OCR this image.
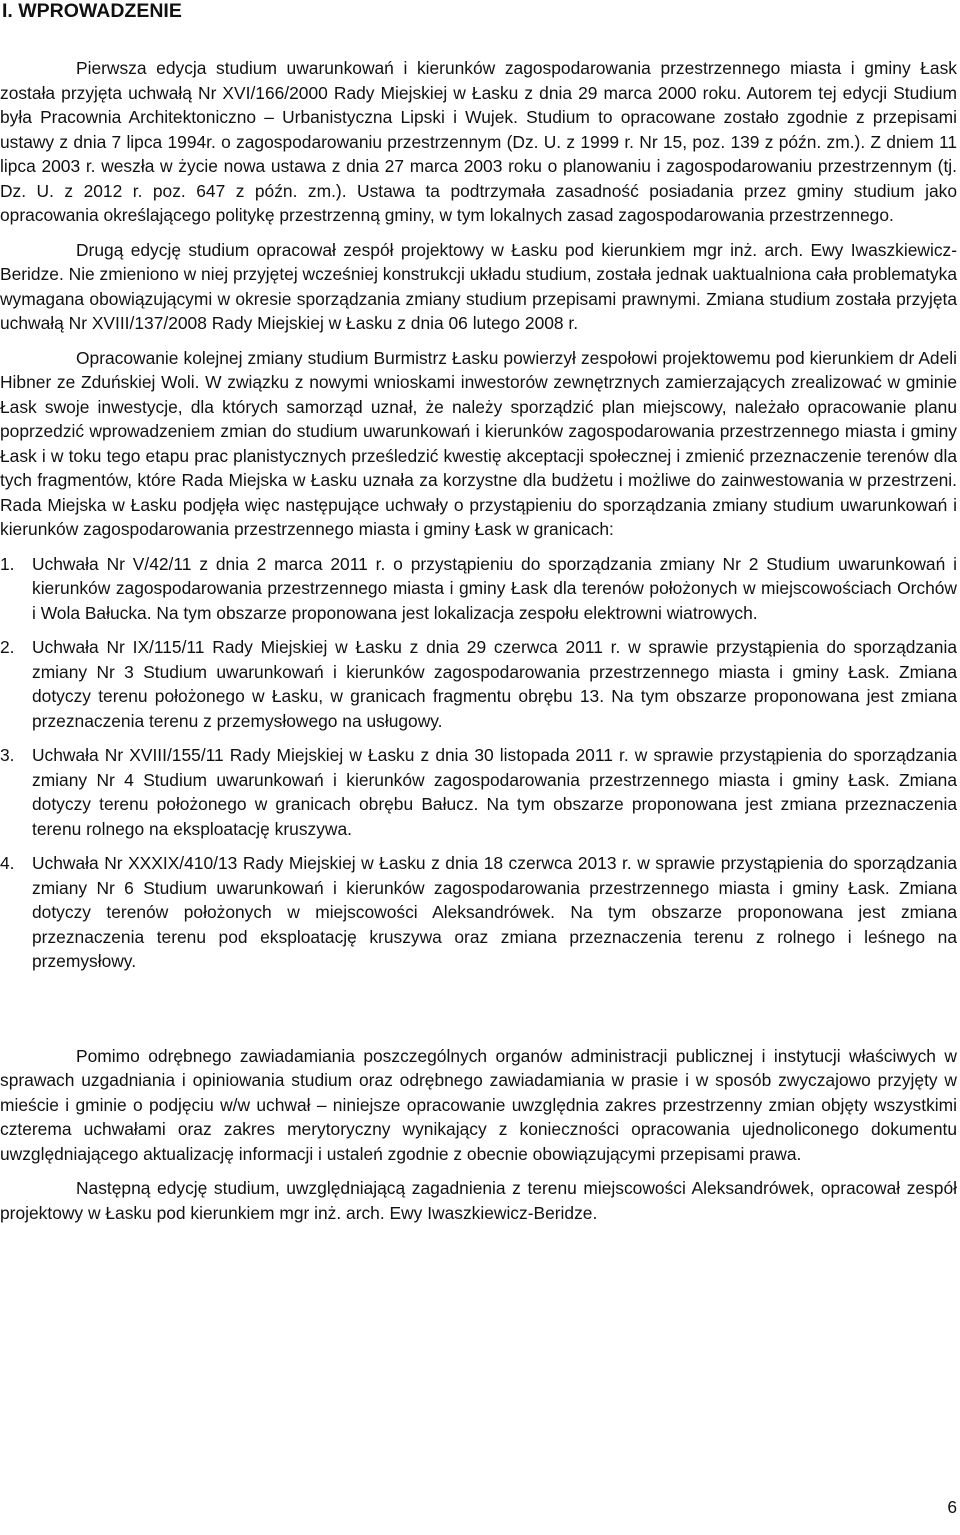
I. WPROWADZENIE

Pierwsza edycja studium uwarunkowań i kierunków zagospodarowania przestrzennego miasta i gminy Łask została przyjęta uchwałą Nr XVI/166/2000 Rady Miejskiej w Łasku z dnia 29 marca 2000 roku. Autorem tej edycji Studium była Pracownia Architektoniczno – Urbanistyczna Lipski i Wujek. Studium to opracowane zostało zgodnie z przepisami ustawy z dnia 7 lipca 1994r. o zagospodarowaniu przestrzennym (Dz. U. z 1999 r. Nr 15, poz. 139 z późn. zm.). Z dniem 11 lipca 2003 r. weszła w życie nowa ustawa z dnia 27 marca 2003 roku o planowaniu i zagospodarowaniu przestrzennym (tj. Dz. U. z 2012 r. poz. 647 z późn. zm.). Ustawa ta podtrzymała zasadność posiadania przez gminy studium jako opracowania określającego politykę przestrzenną gminy, w tym lokalnych zasad zagospodarowania przestrzennego.

Drugą edycję studium opracował zespół projektowy w Łasku pod kierunkiem mgr inż. arch. Ewy Iwaszkiewicz-Beridze. Nie zmieniono w niej przyjętej wcześniej konstrukcji układu studium, została jednak uaktualniona cała problematyka wymagana obowiązującymi w okresie sporządzania zmiany studium przepisami prawnymi. Zmiana studium została przyjęta uchwałą Nr XVIII/137/2008 Rady Miejskiej w Łasku z dnia 06 lutego 2008 r.

Opracowanie kolejnej zmiany studium Burmistrz Łasku powierzył zespołowi projektowemu pod kierunkiem dr Adeli Hibner ze Zduńskiej Woli. W związku z nowymi wnioskami inwestorów zewnętrznych zamierzających zrealizować w gminie Łask swoje inwestycje, dla których samorząd uznał, że należy sporządzić plan miejscowy, należało opracowanie planu poprzedzić wprowadzeniem zmian do studium uwarunkowań i kierunków zagospodarowania przestrzennego miasta i gminy Łask i w toku tego etapu prac planistycznych prześledzić kwestię akceptacji społecznej i zmienić przeznaczenie terenów dla tych fragmentów, które Rada Miejska w Łasku uznała za korzystne dla budżetu i możliwe do zainwestowania w przestrzeni. Rada Miejska w Łasku podjęła więc następujące uchwały o przystąpieniu do sporządzania zmiany studium uwarunkowań i kierunków zagospodarowania przestrzennego miasta i gminy Łask w granicach:

1. Uchwała Nr V/42/11 z dnia 2 marca 2011 r. o przystąpieniu do sporządzania zmiany Nr 2 Studium uwarunkowań i kierunków zagospodarowania przestrzennego miasta i gminy Łask dla terenów położonych w miejscowościach Orchów i Wola Bałucka. Na tym obszarze proponowana jest lokalizacja zespołu elektrowni wiatrowych.
2. Uchwała Nr IX/115/11 Rady Miejskiej w Łasku z dnia 29 czerwca 2011 r. w sprawie przystąpienia do sporządzania zmiany Nr 3 Studium uwarunkowań i kierunków zagospodarowania przestrzennego miasta i gminy Łask. Zmiana dotyczy terenu położonego w Łasku, w granicach fragmentu obrębu 13. Na tym obszarze proponowana jest zmiana przeznaczenia terenu z przemysłowego na usługowy.
3. Uchwała Nr XVIII/155/11 Rady Miejskiej w Łasku z dnia 30 listopada 2011 r. w sprawie przystąpienia do sporządzania zmiany Nr 4 Studium uwarunkowań i kierunków zagospodarowania przestrzennego miasta i gminy Łask. Zmiana dotyczy terenu położonego w granicach obrębu Bałucz. Na tym obszarze proponowana jest zmiana przeznaczenia terenu rolnego na eksploatację kruszywa.
4. Uchwała Nr XXXIX/410/13 Rady Miejskiej w Łasku z dnia 18 czerwca 2013 r. w sprawie przystąpienia do sporządzania zmiany Nr 6 Studium uwarunkowań i kierunków zagospodarowania przestrzennego miasta i gminy Łask. Zmiana dotyczy terenów położonych w miejscowości Aleksandrówek. Na tym obszarze proponowana jest zmiana przeznaczenia terenu pod eksploatację kruszywa oraz zmiana przeznaczenia terenu z rolnego i leśnego na przemysłowy.

Pomimo odrębnego zawiadamiania poszczególnych organów administracji publicznej i instytucji właściwych w sprawach uzgadniania i opiniowania studium oraz odrębnego zawiadamiania w prasie i w sposób zwyczajowo przyjęty w mieście i gminie o podjęciu w/w uchwał – niniejsze opracowanie uwzględnia zakres przestrzenny zmian objęty wszystkimi czterema uchwałami oraz zakres merytoryczny wynikający z konieczności opracowania ujednoliconego dokumentu uwzględniającego aktualizację informacji i ustaleń zgodnie z obecnie obowiązującymi przepisami prawa.

Następną edycję studium, uwzględniającą zagadnienia z terenu miejscowości Aleksandrówek, opracował zespół projektowy w Łasku pod kierunkiem mgr inż. arch. Ewy Iwaszkiewicz-Beridze.

6
